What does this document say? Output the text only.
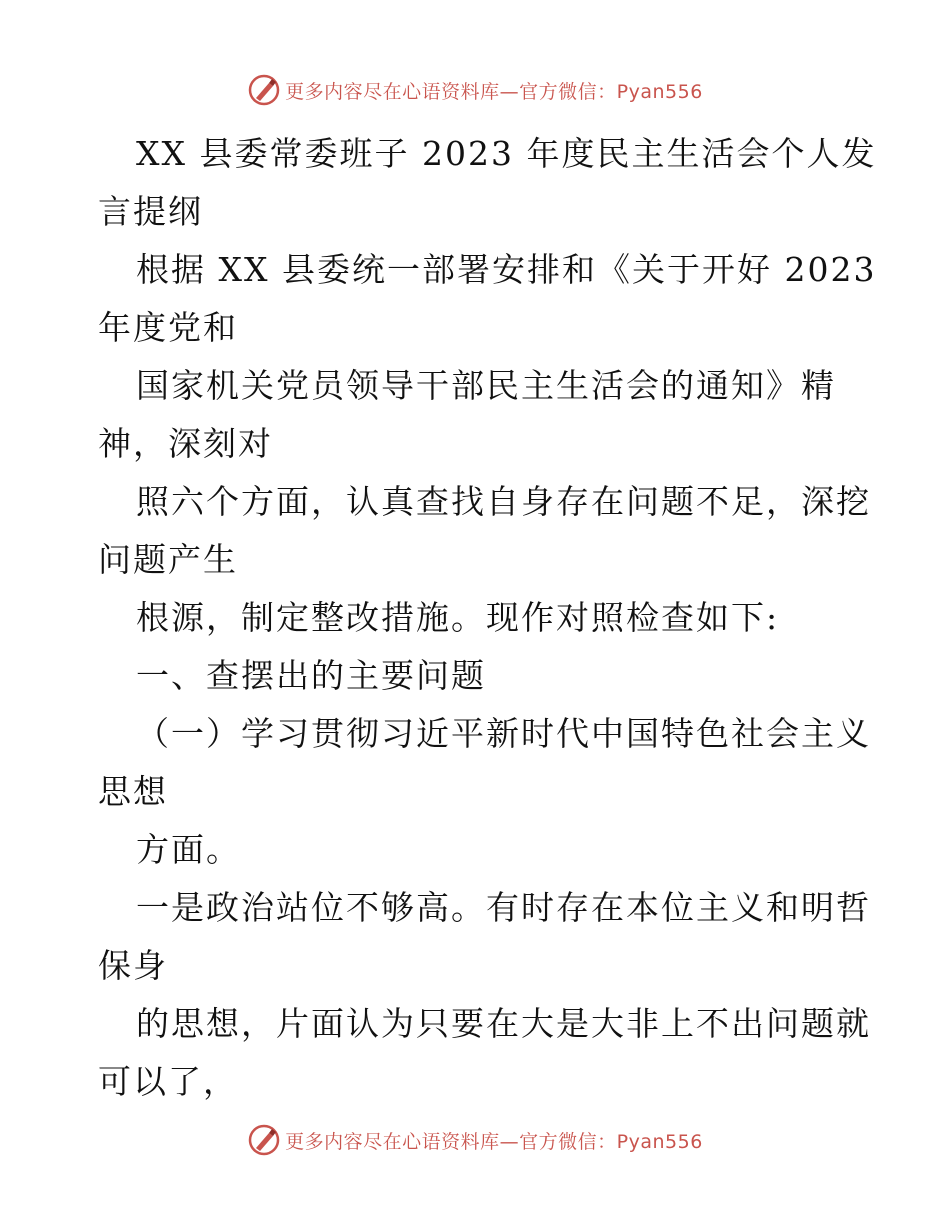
更多内容尽在心语资料库—官方微信：Pyan556
XX 县委常委班子 2023 年度民主生活会个人发
言提纲
根据 XX 县委统一部署安排和《关于开好 2023
年度党和
国家机关党员领导干部民主生活会的通知》精
神，深刻对
照六个方面，认真查找自身存在问题不足，深挖
问题产生
根源，制定整改措施。现作对照检查如下:
一、查摆出的主要问题
（一）学习贯彻习近平新时代中国特色社会主义
思想
方面。
一是政治站位不够高。有时存在本位主义和明哲
保身
的思想，片面认为只要在大是大非上不出问题就
可以了，
更多内容尽在心语资料库—官方微信：Pyan556
